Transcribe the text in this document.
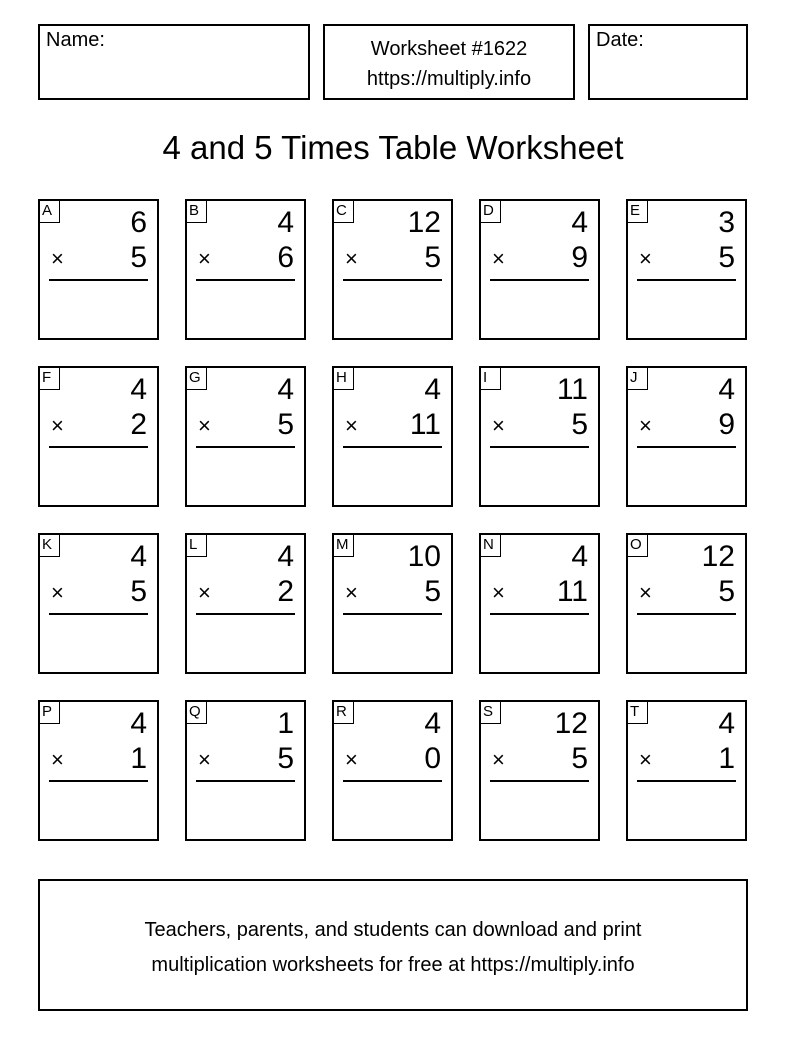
Name:	Worksheet #1622
https://multiply.info
Date:
4 and 5 Times Table Worksheet
A	6
× 5
B	4
× 6
C 12
× 5
D	4
× 9
E	3
× 5
F	4
× 2
G	4
× 5
H	4
× 11
I	11
× 5
J	4
× 9
K	4
× 5
L	4
× 2
M 10
× 5
N	4
× 11
O 12
× 5
P	4
× 1
Q	1
× 5
R	4
× 0
S 12
× 5
T	4
× 1
Teachers, parents, and students can download and print
multiplication worksheets for free at https://multiply.info
